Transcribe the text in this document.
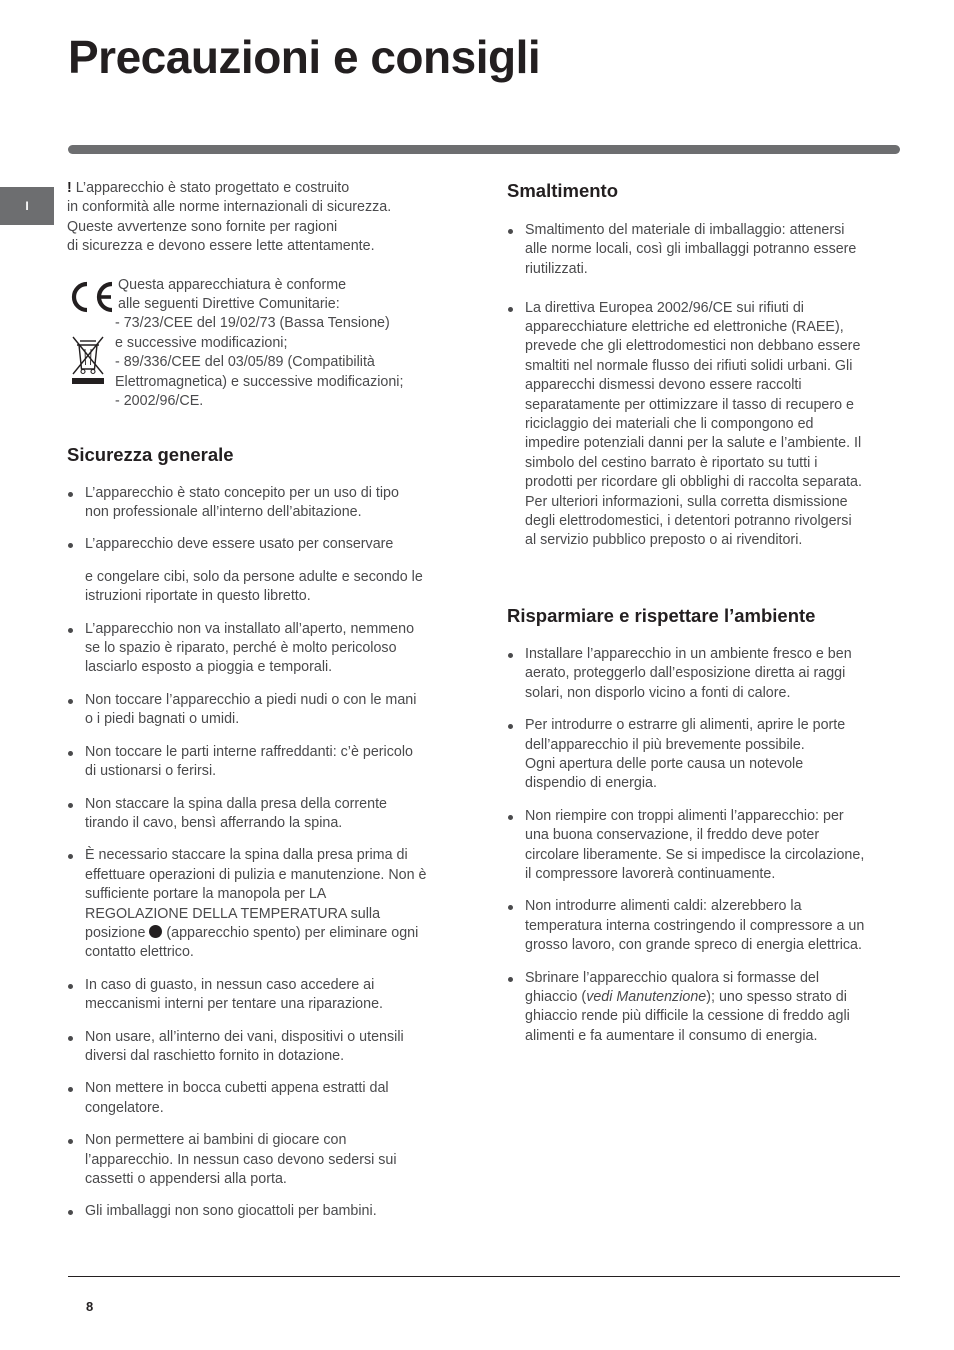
Precauzioni e consigli
I

! L’apparecchio è stato progettato e costruito

in conformità alle norme internazionali di sicurezza.

Queste avvertenze sono fornite per ragioni

di sicurezza e devono essere lette attentamente.

Questa apparecchiatura è conforme

alle seguenti Direttive Comunitarie:

- 73/23/CEE del 19/02/73 (Bassa Tensione)

e successive modificazioni;

- 89/336/CEE del 03/05/89 (Compatibilità

Elettromagnetica) e successive modificazioni;

- 2002/96/CE.

Sicurezza generale
L’apparecchio è stato concepito per un uso di tipo
non professionale all’interno dell’abitazione.
L’apparecchio deve essere usato per conservare
e congelare cibi, solo da persone adulte e secondo le
istruzioni riportate in questo libretto.
L’apparecchio non va installato all’aperto, nemmeno
se lo spazio è riparato, perché è molto pericoloso
lasciarlo esposto a pioggia e temporali.
Non toccare l’apparecchio a piedi nudi o con le mani
o i piedi bagnati o umidi.
Non toccare le parti interne raffreddanti: c’è pericolo
di ustionarsi o ferirsi.
Non staccare la spina dalla presa della corrente
tirando il cavo, bensì afferrando la spina.
È necessario staccare la spina dalla presa prima di
effettuare operazioni di pulizia e manutenzione. Non è
sufficiente portare la manopola per LA
REGOLAZIONE DELLA TEMPERATURA sulla
posizione  (apparecchio spento) per eliminare ogni
contatto elettrico.
In caso di guasto, in nessun caso accedere ai
meccanismi interni per tentare una riparazione.
Non usare, all’interno dei vani, dispositivi o utensili
diversi dal raschietto fornito in dotazione.
Non mettere in bocca cubetti appena estratti dal
congelatore.
Non permettere ai bambini di giocare con
l’apparecchio. In nessun caso devono sedersi sui
cassetti o appendersi alla porta.
Gli imballaggi non sono giocattoli per bambini.
Smaltimento
Smaltimento del materiale di imballaggio: attenersi
alle norme locali, così gli imballaggi potranno essere
riutilizzati.
La direttiva Europea 2002/96/CE sui rifiuti di
apparecchiature elettriche ed elettroniche (RAEE),
prevede che gli elettrodomestici non debbano essere
smaltiti nel normale flusso dei rifiuti solidi urbani. Gli
apparecchi dismessi devono essere raccolti
separatamente per ottimizzare il tasso di recupero e
riciclaggio dei materiali che li compongono ed
impedire potenziali danni per la salute e l’ambiente. Il
simbolo del cestino barrato è riportato su tutti i
prodotti per ricordare gli obblighi di raccolta separata.
Per ulteriori informazioni, sulla corretta dismissione
degli elettrodomestici, i detentori potranno rivolgersi
al servizio pubblico preposto o ai rivenditori.
Risparmiare e rispettare l’ambiente
Installare l’apparecchio in un ambiente fresco e ben
aerato, proteggerlo dall’esposizione diretta ai raggi
solari, non disporlo vicino a fonti di calore.
Per introdurre o estrarre gli alimenti, aprire le porte
dell’apparecchio il più brevemente possibile.
Ogni apertura delle porte causa un notevole
dispendio di energia.
Non riempire con troppi alimenti l’apparecchio: per
una buona conservazione, il freddo deve poter
circolare liberamente. Se si impedisce la circolazione,
il compressore lavorerà continuamente.
Non introdurre alimenti caldi: alzerebbero la
temperatura interna costringendo il compressore a un
grosso lavoro, con grande spreco di energia elettrica.
Sbrinare l’apparecchio qualora si formasse del
ghiaccio (vedi Manutenzione); uno spesso strato di
ghiaccio rende più difficile la cessione di freddo agli
alimenti e fa aumentare il consumo di energia.
8
